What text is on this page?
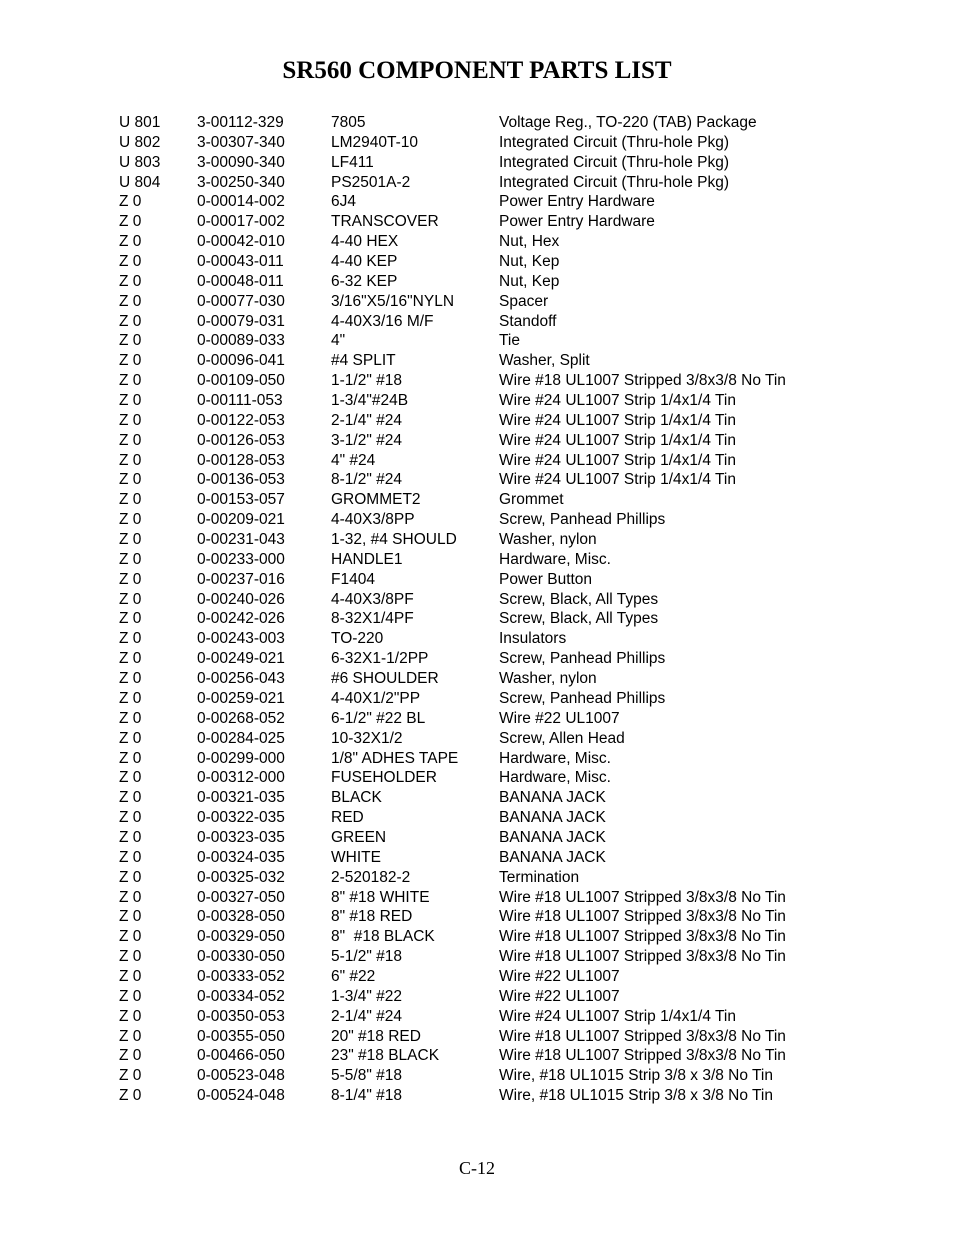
SR560 COMPONENT PARTS LIST
U 801	3-00112-329	7805	Voltage Reg., TO-220 (TAB) Package
U 802	3-00307-340	LM2940T-10	Integrated Circuit (Thru-hole Pkg)
U 803	3-00090-340	LF411	Integrated Circuit (Thru-hole Pkg)
U 804	3-00250-340	PS2501A-2	Integrated Circuit (Thru-hole Pkg)
Z 0	0-00014-002	6J4	Power Entry Hardware
Z 0	0-00017-002	TRANSCOVER	Power Entry Hardware
Z 0	0-00042-010	4-40 HEX	Nut, Hex
Z 0	0-00043-011	4-40 KEP	Nut, Kep
Z 0	0-00048-011	6-32 KEP	Nut, Kep
Z 0	0-00077-030	3/16"X5/16"NYLN	Spacer
Z 0	0-00079-031	4-40X3/16 M/F	Standoff
Z 0	0-00089-033	4"	Tie
Z 0	0-00096-041	#4 SPLIT	Washer, Split
Z 0	0-00109-050	1-1/2" #18	Wire #18 UL1007 Stripped 3/8x3/8 No Tin
Z 0	0-00111-053	1-3/4"#24B	Wire #24 UL1007 Strip 1/4x1/4 Tin
Z 0	0-00122-053	2-1/4" #24	Wire #24 UL1007 Strip 1/4x1/4 Tin
Z 0	0-00126-053	3-1/2" #24	Wire #24 UL1007 Strip 1/4x1/4 Tin
Z 0	0-00128-053	4" #24	Wire #24 UL1007 Strip 1/4x1/4 Tin
Z 0	0-00136-053	8-1/2" #24	Wire #24 UL1007 Strip 1/4x1/4 Tin
Z 0	0-00153-057	GROMMET2	Grommet
Z 0	0-00209-021	4-40X3/8PP	Screw, Panhead Phillips
Z 0	0-00231-043	1-32, #4 SHOULD	Washer, nylon
Z 0	0-00233-000	HANDLE1	Hardware, Misc.
Z 0	0-00237-016	F1404	Power Button
Z 0	0-00240-026	4-40X3/8PF	Screw, Black, All Types
Z 0	0-00242-026	8-32X1/4PF	Screw, Black, All Types
Z 0	0-00243-003	TO-220	Insulators
Z 0	0-00249-021	6-32X1-1/2PP	Screw, Panhead Phillips
Z 0	0-00256-043	#6 SHOULDER	Washer, nylon
Z 0	0-00259-021	4-40X1/2"PP	Screw, Panhead Phillips
Z 0	0-00268-052	6-1/2" #22 BL	Wire #22 UL1007
Z 0	0-00284-025	10-32X1/2	Screw, Allen Head
Z 0	0-00299-000	1/8" ADHES TAPE	Hardware, Misc.
Z 0	0-00312-000	FUSEHOLDER	Hardware, Misc.
Z 0	0-00321-035	BLACK	BANANA JACK
Z 0	0-00322-035	RED	BANANA JACK
Z 0	0-00323-035	GREEN	BANANA JACK
Z 0	0-00324-035	WHITE	BANANA JACK
Z 0	0-00325-032	2-520182-2	Termination
Z 0	0-00327-050	8" #18 WHITE	Wire #18 UL1007 Stripped 3/8x3/8 No Tin
Z 0	0-00328-050	8" #18 RED	Wire #18 UL1007 Stripped 3/8x3/8 No Tin
Z 0	0-00329-050	8"  #18 BLACK	Wire #18 UL1007 Stripped 3/8x3/8 No Tin
Z 0	0-00330-050	5-1/2" #18	Wire #18 UL1007 Stripped 3/8x3/8 No Tin
Z 0	0-00333-052	6" #22	Wire #22 UL1007
Z 0	0-00334-052	1-3/4" #22	Wire #22 UL1007
Z 0	0-00350-053	2-1/4" #24	Wire #24 UL1007 Strip 1/4x1/4 Tin
Z 0	0-00355-050	20" #18 RED	Wire #18 UL1007 Stripped 3/8x3/8 No Tin
Z 0	0-00466-050	23" #18 BLACK	Wire #18 UL1007 Stripped 3/8x3/8 No Tin
Z 0	0-00523-048	5-5/8" #18	Wire, #18 UL1015 Strip 3/8 x 3/8 No Tin
Z 0	0-00524-048	8-1/4" #18	Wire, #18 UL1015 Strip 3/8 x 3/8 No Tin
C-12
